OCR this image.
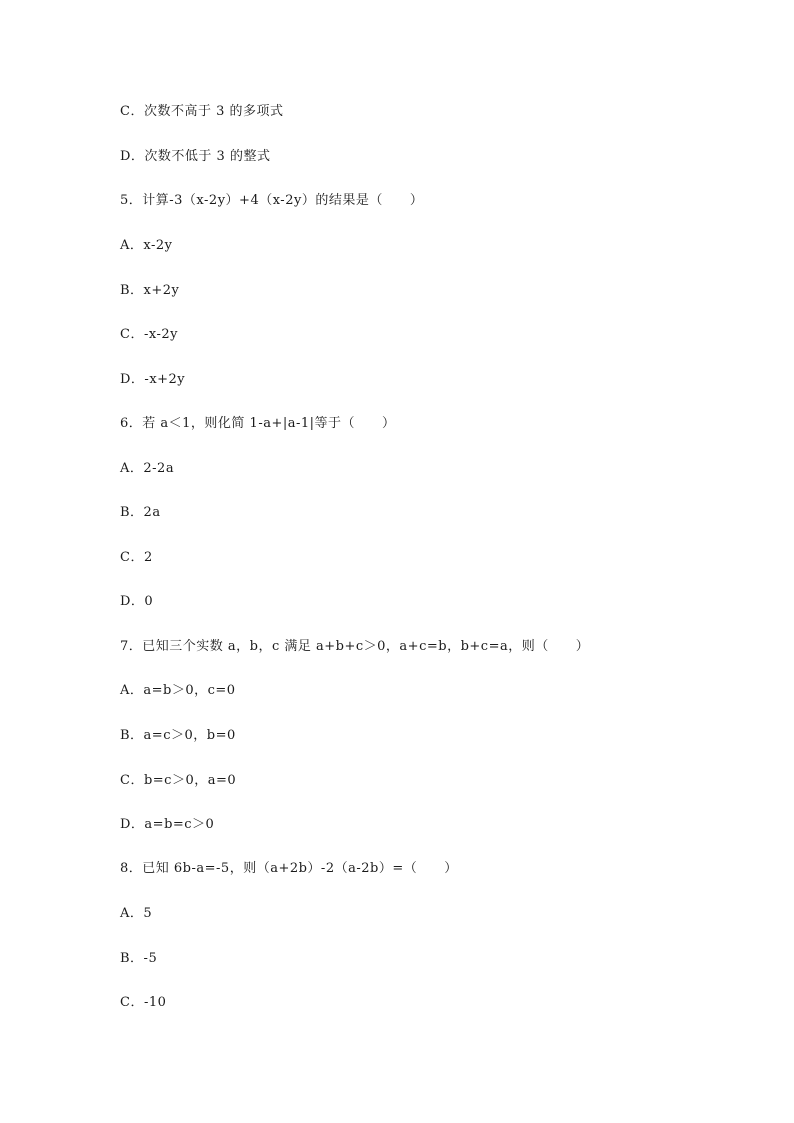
C．次数不高于 3 的多项式
D．次数不低于 3 的整式
5．计算-3（x-2y）+4（x-2y）的结果是（　　）
A．x-2y
B．x+2y
C．-x-2y
D．-x+2y
6．若 a＜1，则化简 1-a+|a-1|等于（　　）
A．2-2a
B．2a
C．2
D．0
7．已知三个实数 a，b，c 满足 a+b+c＞0，a+c=b，b+c=a，则（　　）
A．a=b＞0，c=0
B．a=c＞0，b=0
C．b=c＞0，a=0
D．a=b=c＞0
8．已知 6b-a=-5，则（a+2b）-2（a-2b）=（　　）
A．5
B．-5
C．-10
